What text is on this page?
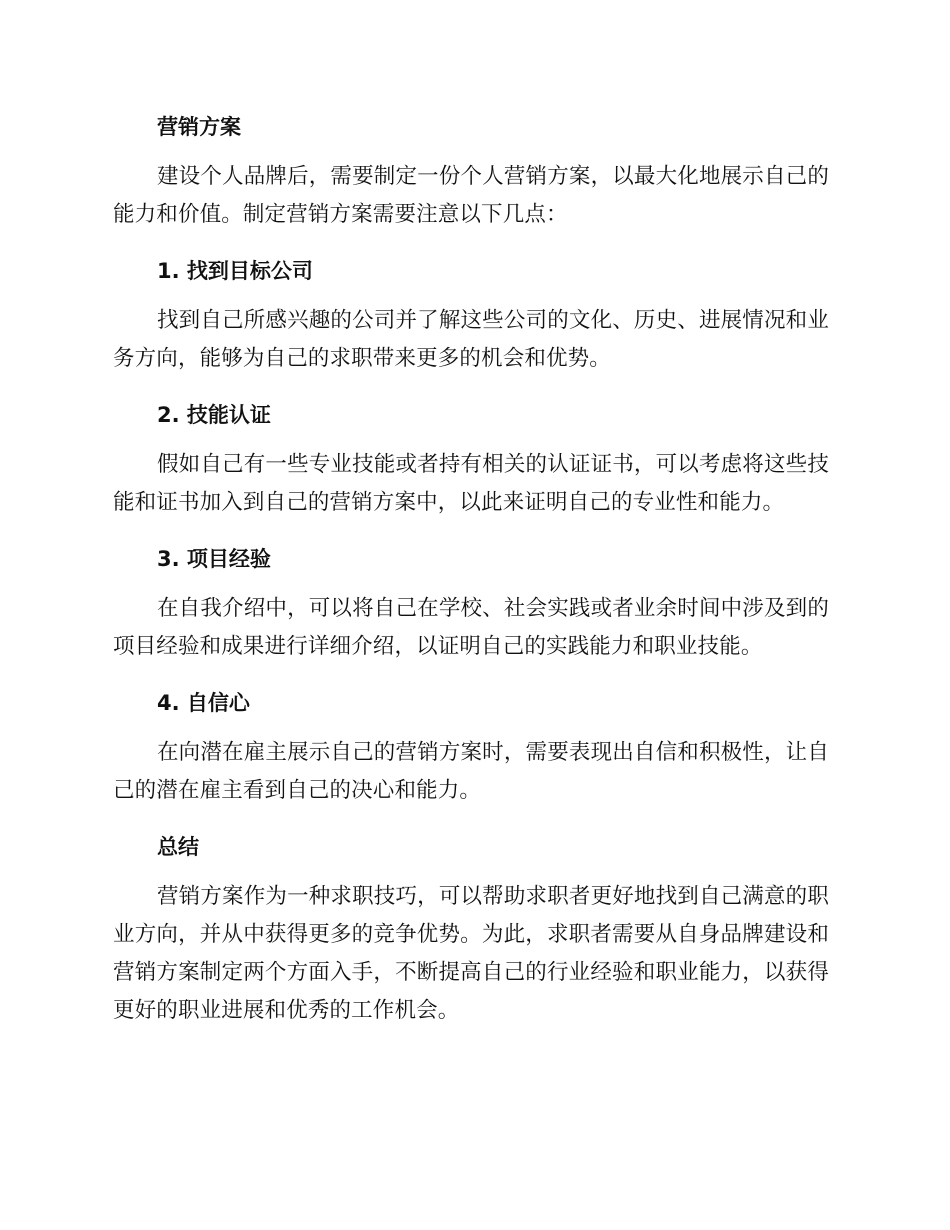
营销方案

建设个人品牌后，需要制定一份个人营销方案，以最大化地展示自己的能力和价值。制定营销方案需要注意以下几点：

1. 找到目标公司

找到自己所感兴趣的公司并了解这些公司的文化、历史、进展情况和业务方向，能够为自己的求职带来更多的机会和优势。

2. 技能认证

假如自己有一些专业技能或者持有相关的认证证书，可以考虑将这些技能和证书加入到自己的营销方案中，以此来证明自己的专业性和能力。

3. 项目经验

在自我介绍中，可以将自己在学校、社会实践或者业余时间中涉及到的项目经验和成果进行详细介绍，以证明自己的实践能力和职业技能。

4. 自信心

在向潜在雇主展示自己的营销方案时，需要表现出自信和积极性，让自己的潜在雇主看到自己的决心和能力。

总结

营销方案作为一种求职技巧，可以帮助求职者更好地找到自己满意的职业方向，并从中获得更多的竞争优势。为此，求职者需要从自身品牌建设和营销方案制定两个方面入手，不断提高自己的行业经验和职业能力，以获得更好的职业进展和优秀的工作机会。
